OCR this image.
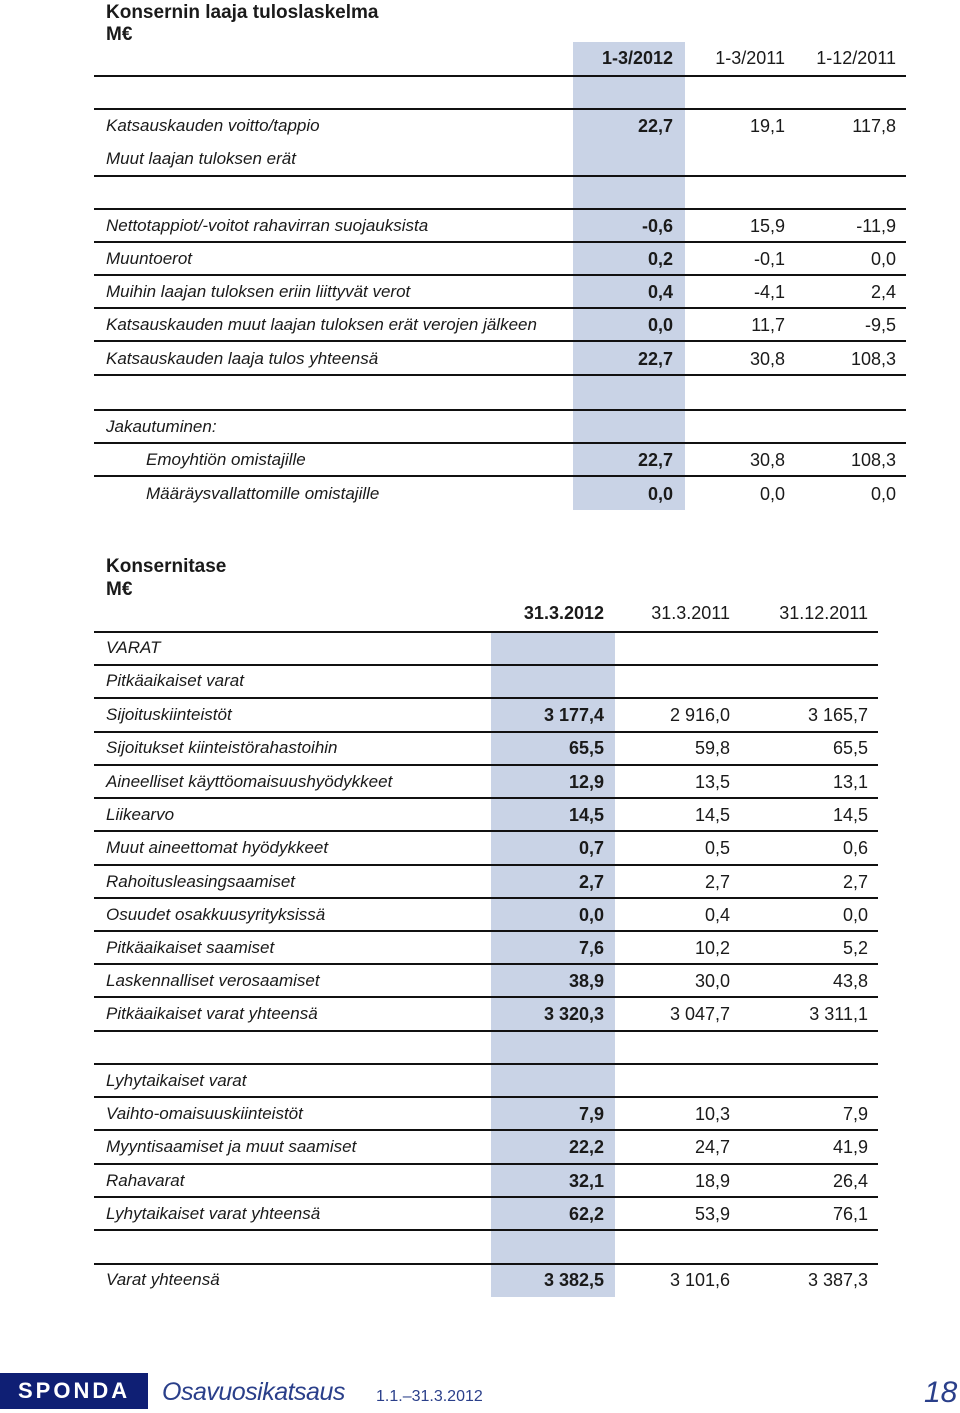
Konsernin laaja tuloslaskelma
M€
1-3/2012	1-3/2011	1-12/2011
Katsauskauden voitto/tappio	22,7	19,1	117,8
Muut laajan tuloksen erät
Nettotappiot/-voitot rahavirran suojauksista	-0,6	15,9	-11,9
Muuntoerot	0,2	-0,1	0,0
Muihin laajan tuloksen eriin liittyvät verot	0,4	-4,1	2,4
Katsauskauden muut laajan tuloksen erät verojen jälkeen	0,0	11,7	-9,5
Katsauskauden laaja tulos yhteensä	22,7	30,8	108,3
Jakautuminen:
Emoyhtiön omistajille	22,7	30,8	108,3
Määräysvallattomille omistajille	0,0	0,0	0,0
Konsernitase
M€
31.3.2012	31.3.2011	31.12.2011
VARAT
Pitkäaikaiset varat
Sijoituskiinteistöt	3 177,4	2 916,0	3 165,7
Sijoitukset kiinteistörahastoihin	65,5	59,8	65,5
Aineelliset käyttöomaisuushyödykkeet	12,9	13,5	13,1
Liikearvo	14,5	14,5	14,5
Muut aineettomat hyödykkeet	0,7	0,5	0,6
Rahoitusleasingsaamiset	2,7	2,7	2,7
Osuudet osakkuusyrityksissä	0,0	0,4	0,0
Pitkäaikaiset saamiset	7,6	10,2	5,2
Laskennalliset verosaamiset	38,9	30,0	43,8
Pitkäaikaiset varat yhteensä	3 320,3	3 047,7	3 311,1
Lyhytaikaiset varat
Vaihto-omaisuuskiinteistöt	7,9	10,3	7,9
Myyntisaamiset ja muut saamiset	22,2	24,7	41,9
Rahavarat	32,1	18,9	26,4
Lyhytaikaiset varat yhteensä	62,2	53,9	76,1
Varat yhteensä	3 382,5	3 101,6	3 387,3
SPONDA Osavuosikatsaus 1.1.–31.3.2012	18
